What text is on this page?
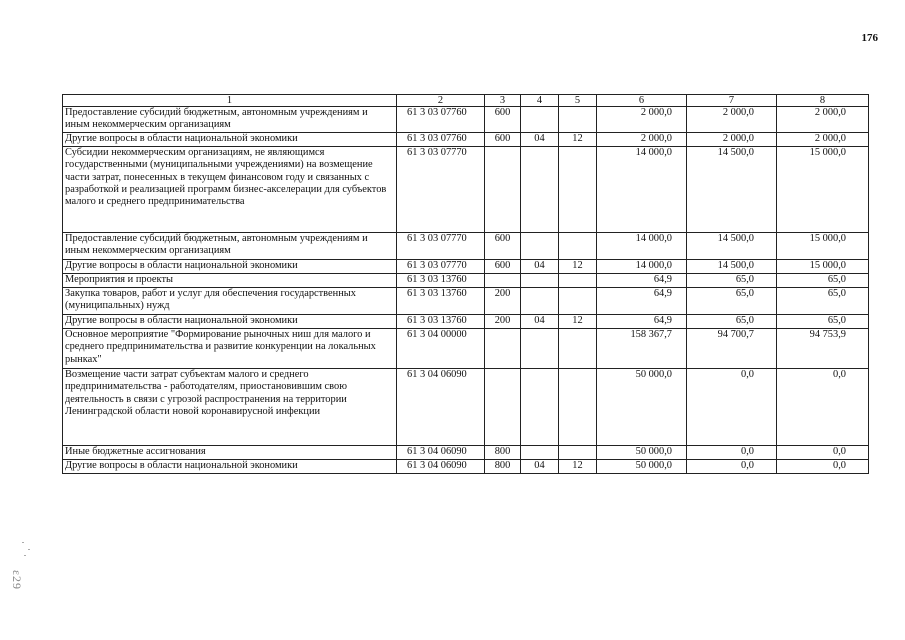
176
ε29
1	2	3	4	5	6	7	8
Предоставление субсидий бюджетным, автономным учреждениям и иным некоммерческим организациям	61 3 03 07760	600			2 000,0	2 000,0	2 000,0
Другие вопросы в области национальной экономики	61 3 03 07760	600	04	12	2 000,0	2 000,0	2 000,0
Субсидии некоммерческим организациям, не являющимся государственными (муниципальными учреждениями) на возмещение части затрат, понесенных в текущем финансовом году и связанных с разработкой и реализацией программ бизнес-акселерации для субъектов малого и среднего предпринимательства	61 3 03 07770				14 000,0	14 500,0	15 000,0
Предоставление субсидий бюджетным, автономным учреждениям и иным некоммерческим организациям	61 3 03 07770	600			14 000,0	14 500,0	15 000,0
Другие вопросы в области национальной экономики	61 3 03 07770	600	04	12	14 000,0	14 500,0	15 000,0
Мероприятия и проекты	61 3 03 13760				64,9	65,0	65,0
Закупка товаров, работ и услуг для обеспечения государственных (муниципальных) нужд	61 3 03 13760	200			64,9	65,0	65,0
Другие вопросы в области национальной экономики	61 3 03 13760	200	04	12	64,9	65,0	65,0
Основное мероприятие "Формирование рыночных ниш для малого и среднего предпринимательства и развитие конкуренции на локальных рынках"	61 3 04 00000				158 367,7	94 700,7	94 753,9
Возмещение части затрат субъектам малого и среднего предпринимательства - работодателям, приостановившим свою деятельность в связи с угрозой распространения на территории Ленинградской области новой коронавирусной инфекции	61 3 04 06090				50 000,0	0,0	0,0
Иные бюджетные ассигнования	61 3 04 06090	800			50 000,0	0,0	0,0
Другие вопросы в области национальной экономики	61 3 04 06090	800	04	12	50 000,0	0,0	0,0
